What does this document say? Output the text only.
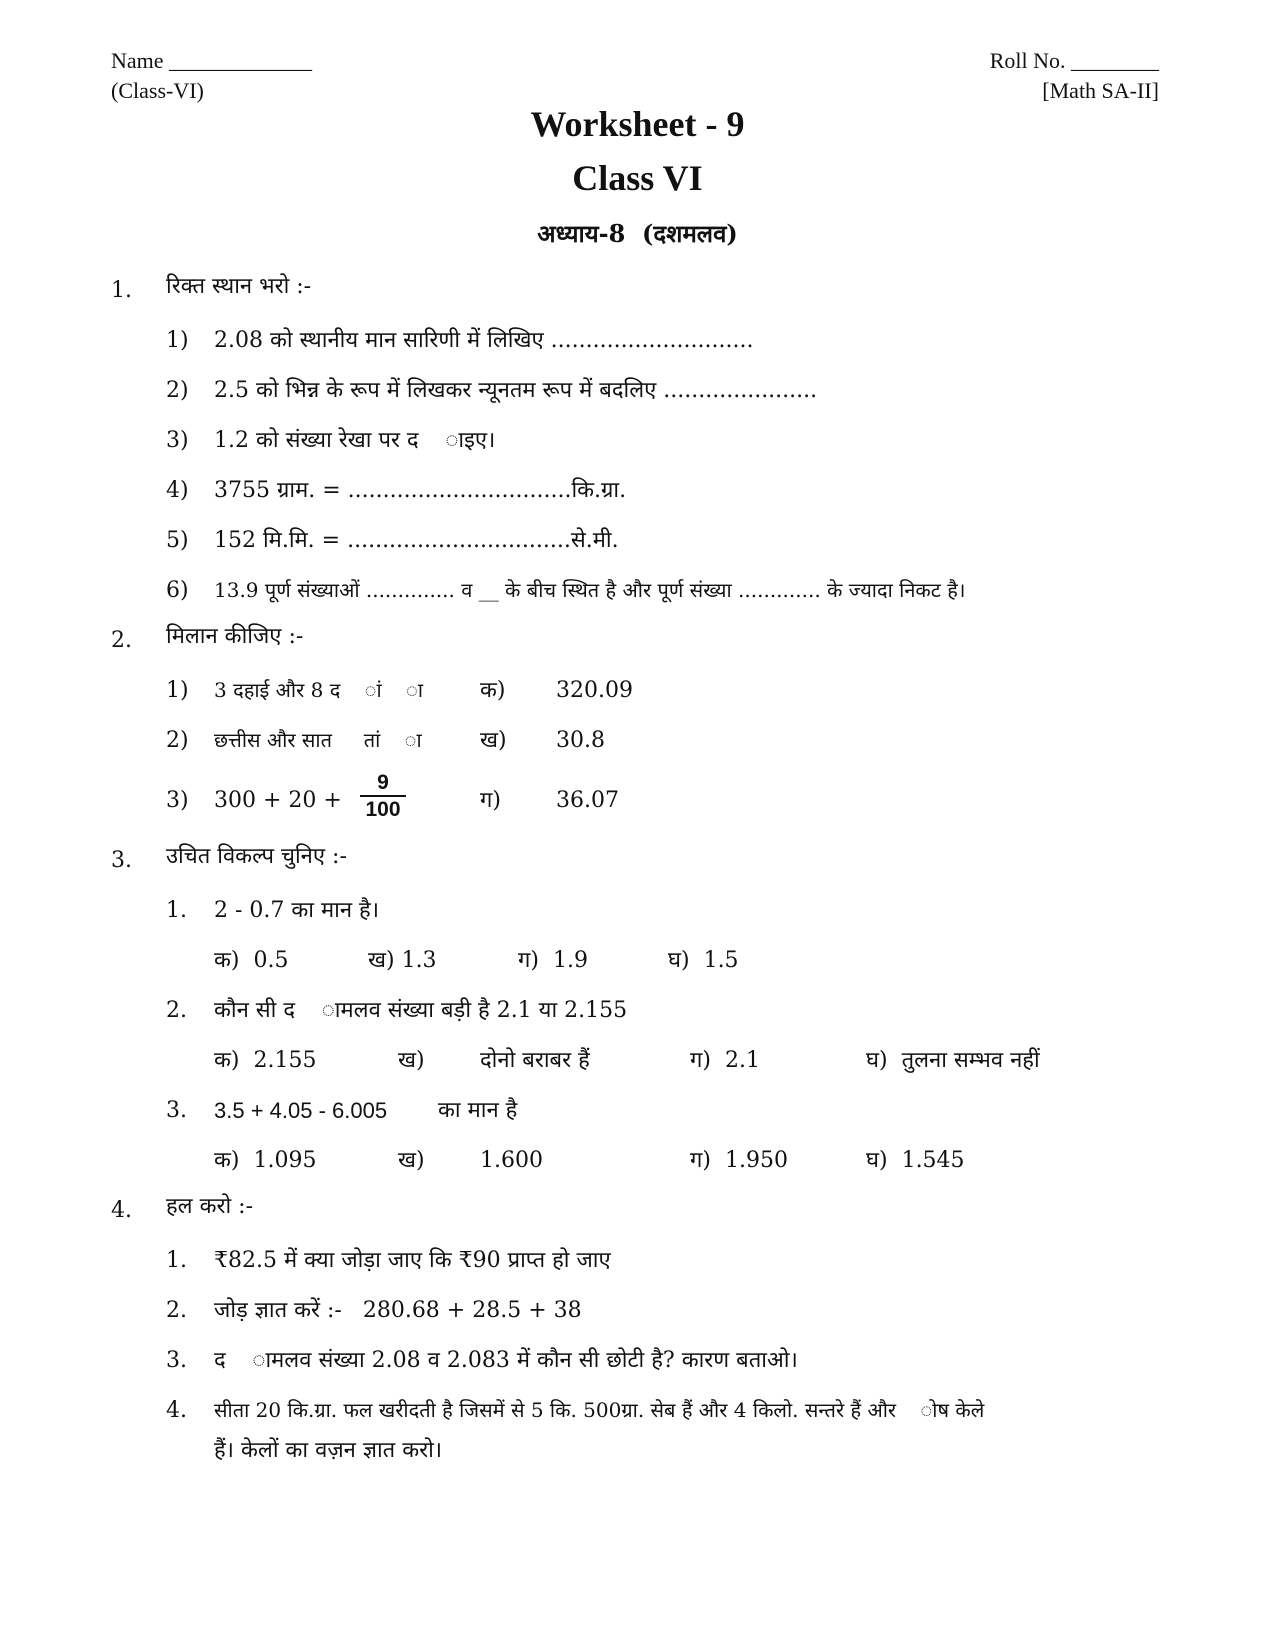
Name _____________
(Class-VI)
Roll No. ________
[Math SA-II]
Worksheet - 9
Class VI
अध्याय-8  (दशमलव)
1. रिक्त स्थान भरो :-
1) 2.08 को स्थानीय मान सारिणी में लिखिए .............................
2) 2.5 को भिन्न के रूप में लिखकर न्यूनतम रूप में बदलिए ......................
3) 1.2 को संख्या रेखा पर द    ाइए।
4) 3755 ग्राम. = ................................कि.ग्रा.
5) 152 मि.मि. = ................................से.मी.
6) 13.9 पूर्ण संख्याओं .............. व __ के बीच स्थित है और पूर्ण संख्या ............. के ज्यादा निकट है।
2. मिलान कीजिए :-
1) 3 दहाई और 8 द    ां    ा	क) 320.09
2) छत्तीस और सात     तां    ा	ख) 30.8
3) 300 + 20 +
9
100	ग)	36.07
3. उचित विकल्प चुनिए :-
1. 2 - 0.7 का मान है।
क)  0.5	ख) 1.3	ग)  1.9	घ)  1.5
2. कौन सी द    ामलव संख्या बड़ी है 2.1 या 2.155
क)  2.155	ख)	दोनो बराबर हैं	ग)  2.1	घ)  तुलना सम्भव नहीं
3. 3.5 + 4.05 - 6.005 का मान है
क)  1.095	ख)	1.600	ग)  1.950	घ)  1.545
4. हल करो :-
1. ₹82.5 में क्या जोड़ा जाए कि ₹90 प्राप्त हो जाए
2. जोड़ ज्ञात करें :-   280.68 + 28.5 + 38
3. द    ामलव संख्या 2.08 व 2.083 में कौन सी छोटी है? कारण बताओ।
4. सीता 20 कि.ग्रा. फल खरीदती है जिसमें से 5 कि. 500ग्रा. सेब हैं और 4 किलो. सन्तरे हैं और    ोष केले
हैं। केलों का वज़न ज्ञात करो।
